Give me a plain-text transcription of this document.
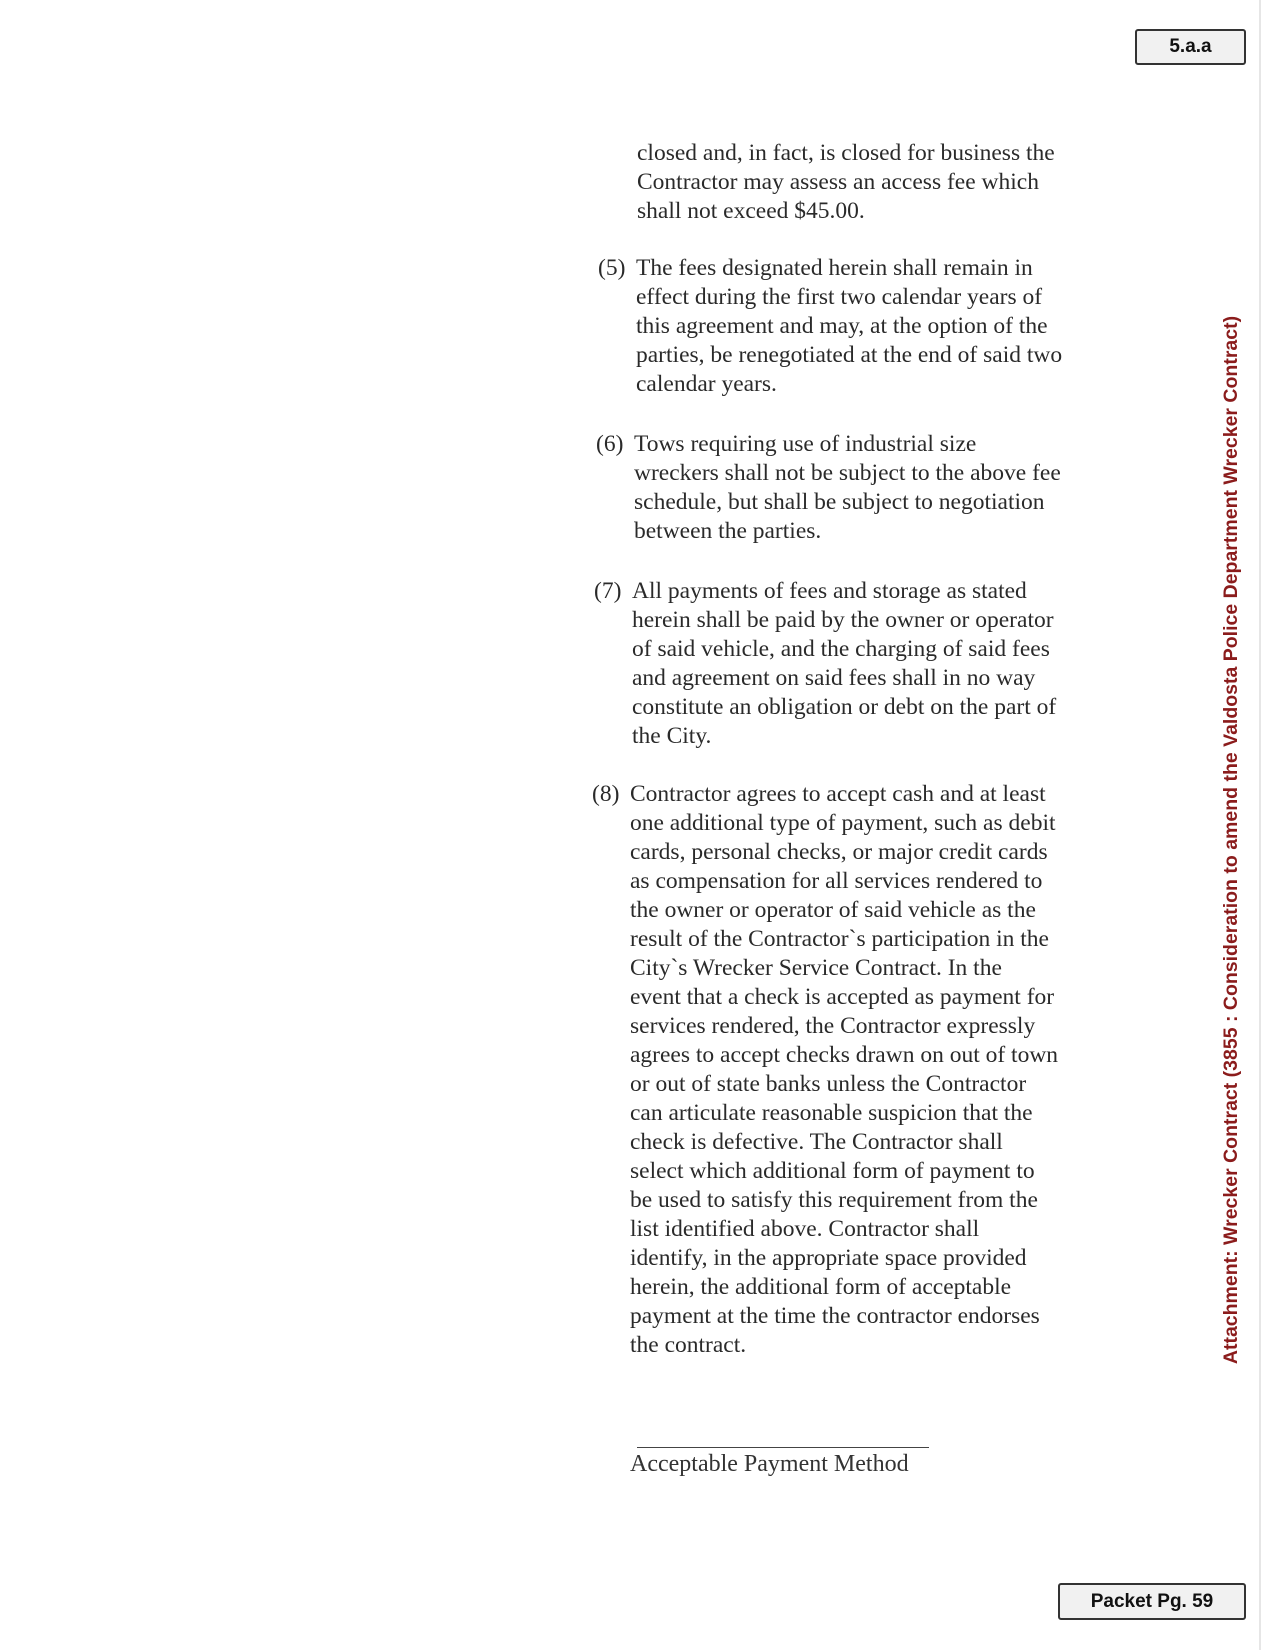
5.a.a
Attachment: Wrecker Contract (3855 : Consideration to amend the Valdosta Police Department Wrecker Contract)
closed and, in fact, is closed for business the
Contractor may assess an access fee which
shall not exceed $45.00.
(5) The fees designated herein shall remain in
effect during the first two calendar years of
this agreement and may, at the option of the
parties, be renegotiated at the end of said two
calendar years.
(6) Tows requiring use of industrial size
wreckers shall not be subject to the above fee
schedule, but shall be subject to negotiation
between the parties.
(7) All payments of fees and storage as stated
herein shall be paid by the owner or operator
of said vehicle, and the charging of said fees
and agreement on said fees shall in no way
constitute an obligation or debt on the part of
the City.
(8) Contractor agrees to accept cash and at least
one additional type of payment, such as debit
cards, personal checks, or major credit cards
as compensation for all services rendered to
the owner or operator of said vehicle as the
result of the Contractor`s participation in the
City`s Wrecker Service Contract. In the
event that a check is accepted as payment for
services rendered, the Contractor expressly
agrees to accept checks drawn on out of town
or out of state banks unless the Contractor
can articulate reasonable suspicion that the
check is defective. The Contractor shall
select which additional form of payment to
be used to satisfy this requirement from the
list identified above. Contractor shall
identify, in the appropriate space provided
herein, the additional form of acceptable
payment at the time the contractor endorses
the contract.
Acceptable Payment Method
Packet Pg. 59
